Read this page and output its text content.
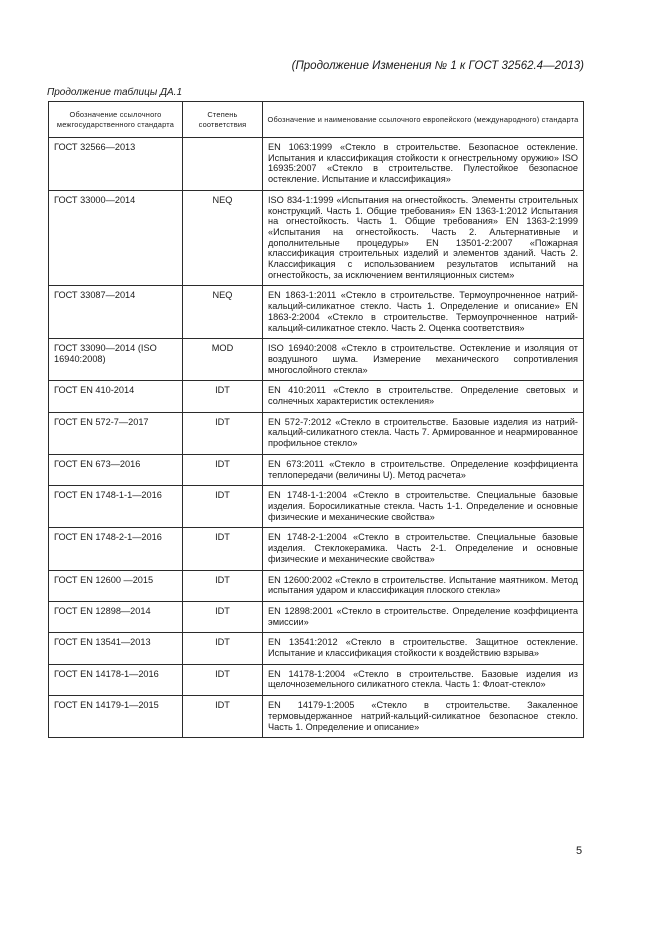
(Продолжение Изменения № 1 к ГОСТ 32562.4—2013)
Продолжение таблицы ДА.1
Обозначение ссылочного межгосударственного стандарта	Степень соответствия	Обозначение и наименование ссылочного европейского (международного) стандарта
ГОСТ 32566—2013		EN 1063:1999 «Стекло в строительстве. Безопасное остекление. Испытания и классификация стойкости к огнестрельному оружию» ISO 16935:2007 «Стекло в строительстве. Пулестойкое безопасное остекление. Испытание и классификация»
ГОСТ 33000—2014	NEQ	ISO 834-1:1999 «Испытания на огнестойкость. Элементы строительных конструкций. Часть 1. Общие требования» EN 1363-1:2012 Испытания на огнестойкость. Часть 1. Общие требования» EN 1363-2:1999 «Испытания на огнестойкость. Часть 2. Альтернативные и дополнительные процедуры» EN 13501-2:2007 «Пожарная классификация строительных изделий и элементов зданий. Часть 2. Классификация с использованием результатов испытаний на огнестойкость, за исключением вентиляционных систем»
ГОСТ 33087—2014	NEQ	EN 1863-1:2011 «Стекло в строительстве. Термоупрочненное натрий-кальций-силикатное стекло. Часть 1. Определение и описание» EN 1863-2:2004 «Стекло в строительстве. Термоупрочненное натрий-кальций-силикатное стекло. Часть 2. Оценка соответствия»
ГОСТ 33090—2014 (ISO 16940:2008)	MOD	ISO 16940:2008 «Стекло в строительстве. Остекление и изоляция от воздушного шума. Измерение механического сопротивления многослойного стекла»
ГОСТ EN 410-2014	IDT	EN 410:2011 «Стекло в строительстве. Определение световых и солнечных характеристик остекления»
ГОСТ EN 572-7—2017	IDT	EN 572-7:2012 «Стекло в строительстве. Базовые изделия из натрий-кальций-силикатного стекла. Часть 7. Армированное и неармированное профильное стекло»
ГОСТ EN 673—2016	IDT	EN 673:2011 «Стекло в строительстве. Определение коэффициента теплопередачи (величины U). Метод расчета»
ГОСТ EN 1748-1-1—2016	IDT	EN 1748-1-1:2004 «Стекло в строительстве. Специальные базовые изделия. Боросиликатные стекла. Часть 1-1. Определение и основные физические и механические свойства»
ГОСТ EN 1748-2-1—2016	IDT	EN 1748-2-1:2004 «Стекло в строительстве. Специальные базовые изделия. Стеклокерамика. Часть 2-1. Определение и основные физические и механические свойства»
ГОСТ EN 12600 —2015	IDT	EN 12600:2002 «Стекло в строительстве. Испытание маятником. Метод испытания ударом и классификация плоского стекла»
ГОСТ EN 12898—2014	IDT	EN 12898:2001 «Стекло в строительстве. Определение коэффициента эмиссии»
ГОСТ EN 13541—2013	IDT	EN 13541:2012 «Стекло в строительстве. Защитное остекление. Испытание и классификация стойкости к воздействию взрыва»
ГОСТ EN 14178-1—2016	IDT	EN 14178-1:2004 «Стекло в строительстве. Базовые изделия из щелочноземельного силикатного стекла. Часть 1: Флоат-стекло»
ГОСТ EN 14179-1—2015	IDT	EN 14179-1:2005 «Стекло в строительстве. Закаленное термовыдержанное натрий-кальций-силикатное безопасное стекло. Часть 1. Определение и описание»
5
